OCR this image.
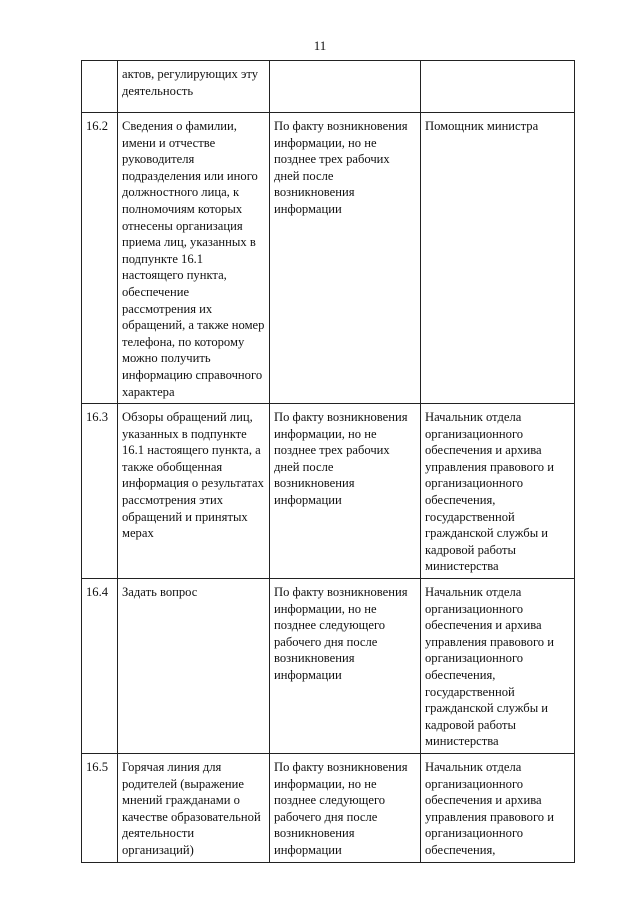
11
	актов, регулирующих эту деятельность		
16.2	Сведения о фамилии, имени и отчестве руководителя подразделения или иного должностного лица, к полномочиям которых отнесены организация приема лиц, указанных в подпункте 16.1 настоящего пункта, обеспечение рассмотрения их обращений, а также номер телефона, по которому можно получить информацию справочного характера	По факту возникновения информации, но не позднее трех рабочих дней после возникновения информации	Помощник министра
16.3	Обзоры обращений лиц, указанных в подпункте 16.1 настоящего пункта, а также обобщенная информация о результатах рассмотрения этих обращений и принятых мерах	По факту возникновения информации, но не позднее трех рабочих дней после возникновения информации	Начальник отдела организационного обеспечения и архива управления правового и организационного обеспечения, государственной гражданской службы и кадровой работы министерства
16.4	Задать вопрос	По факту возникновения информации, но не позднее следующего рабочего дня после возникновения информации	Начальник отдела организационного обеспечения и архива управления правового и организационного обеспечения, государственной гражданской службы и кадровой работы министерства
16.5	Горячая линия для родителей (выражение мнений гражданами о качестве образовательной деятельности организаций)	По факту возникновения информации, но не позднее следующего рабочего дня после возникновения информации	Начальник отдела организационного обеспечения и архива управления правового и организационного обеспечения,
